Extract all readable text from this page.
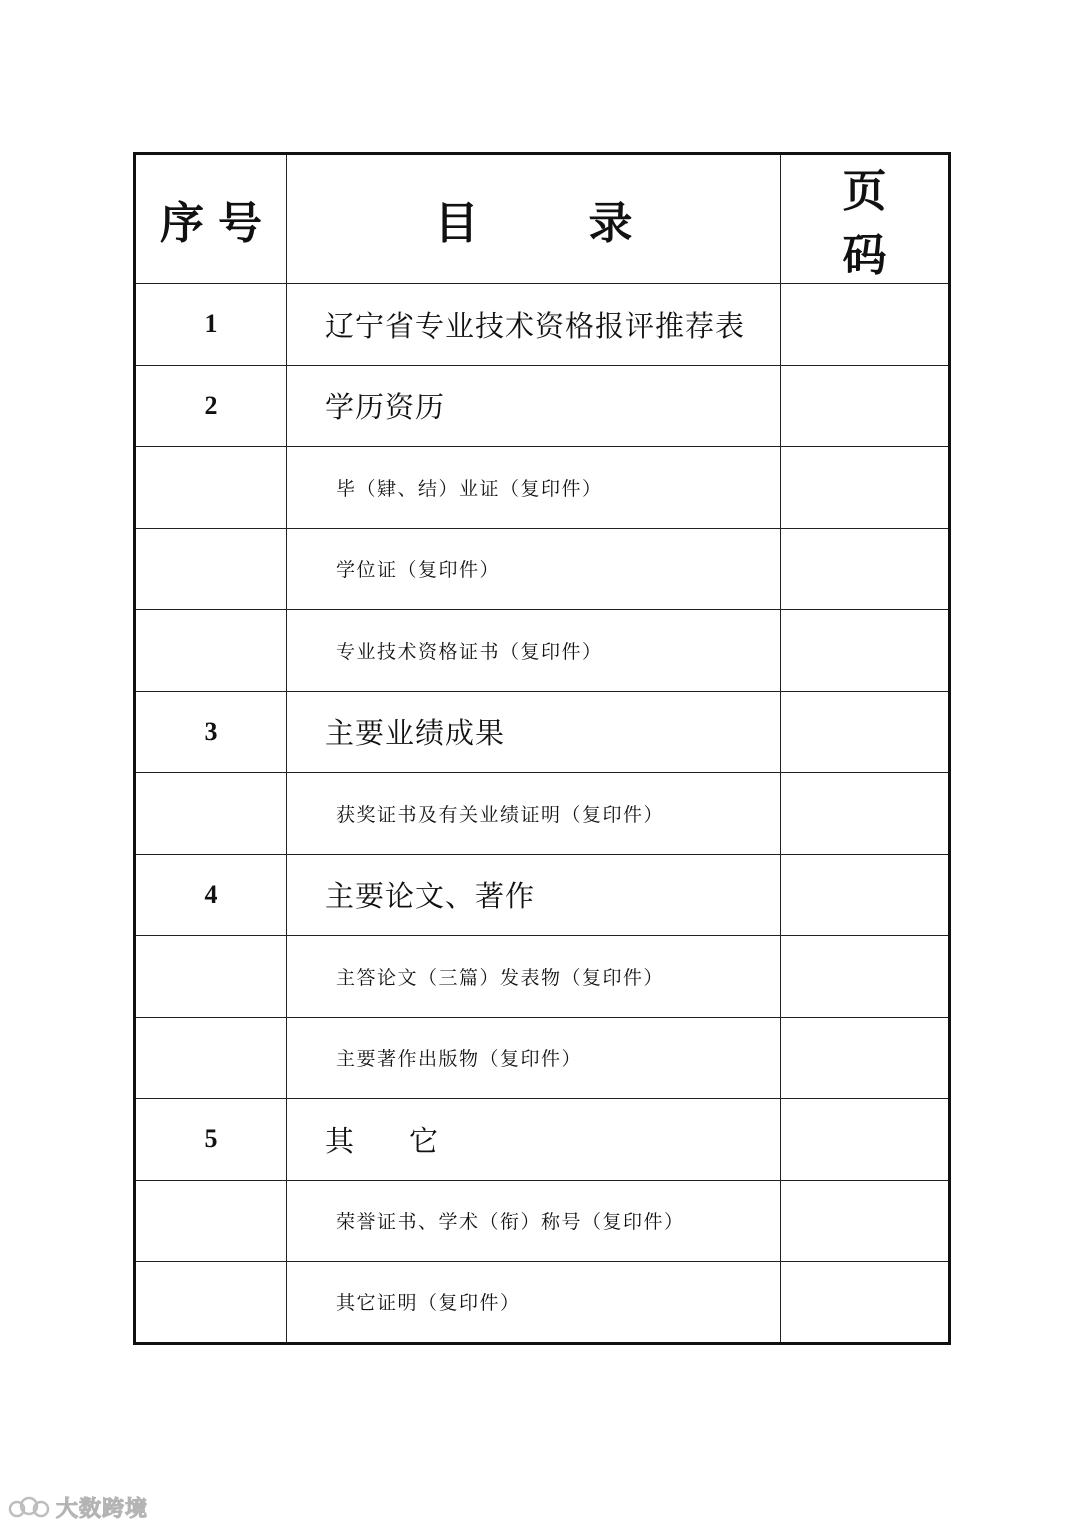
序号	目录	页码
1	辽宁省专业技术资格报评推荐表	
2	学历资历	
	毕（肄、结）业证（复印件）	
	学位证（复印件）	
	专业技术资格证书（复印件）	
3	主要业绩成果	
	获奖证书及有关业绩证明（复印件）	
4	主要论文、著作	
	主答论文（三篇）发表物（复印件）	
	主要著作出版物（复印件）	
5	其它	
	荣誉证书、学术（衔）称号（复印件）	
	其它证明（复印件）	
大数跨境
